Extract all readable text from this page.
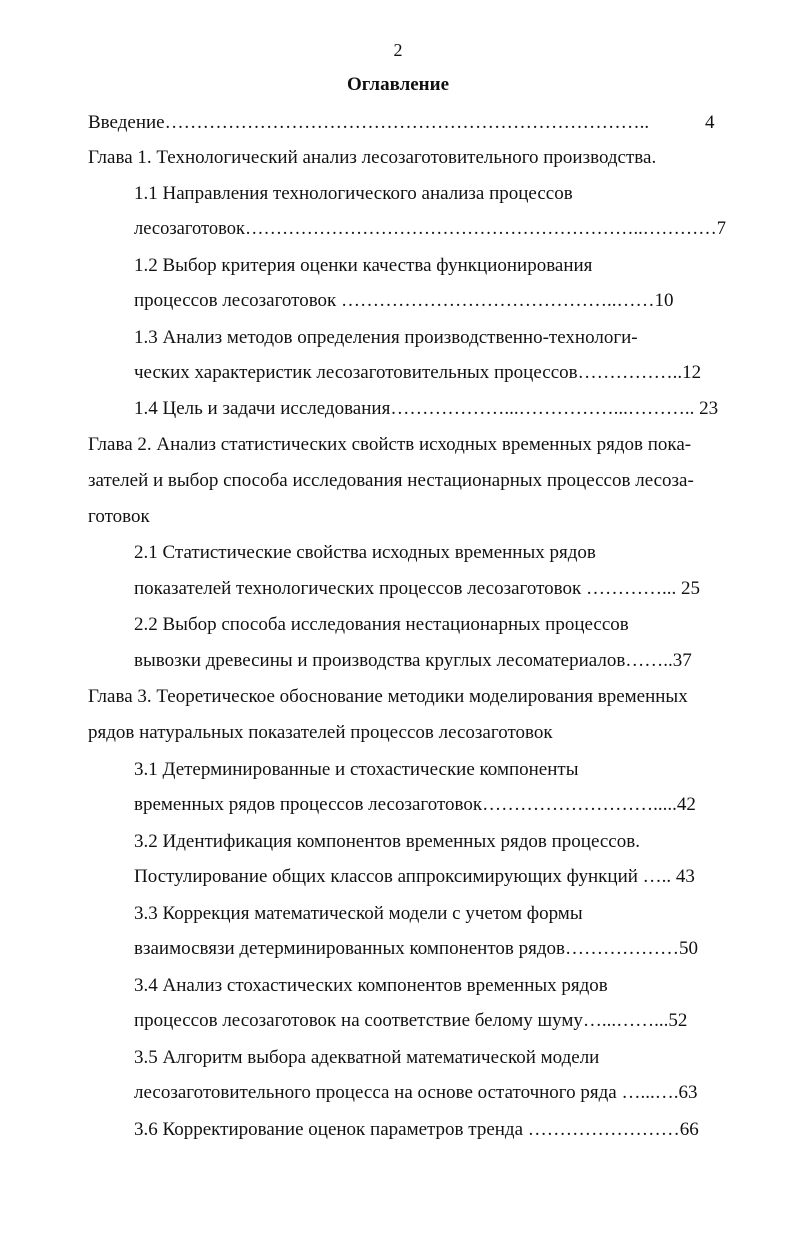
2
Оглавление
Введение…………………………………………………………………..	4
Глава 1. Технологический анализ лесозаготовительного производства.
1.1 Направления технологического анализа процессов
лесозаготовок………………………………………………………..…………7
1.2 Выбор критерия оценки качества функционирования
процессов лесозаготовок ……………………………………..……10
1.3 Анализ методов определения производственно-технологи-
ческих характеристик лесозаготовительных процессов……………..12
1.4 Цель и задачи исследования………………...……………...……….. 23
Глава 2. Анализ статистических свойств исходных временных рядов пока-
зателей и выбор способа исследования нестационарных процессов лесоза-
готовок
2.1 Статистические свойства исходных временных рядов
показателей технологических процессов лесозаготовок …………... 25
2.2 Выбор способа исследования нестационарных процессов
вывозки древесины и производства круглых лесоматериалов……..37
Глава 3. Теоретическое обоснование методики моделирования временных
рядов натуральных показателей процессов лесозаготовок
3.1 Детерминированные и стохастические компоненты
временных рядов процессов лесозаготовок……………………….....42
3.2 Идентификация компонентов временных рядов процессов.
Постулирование общих классов аппроксимирующих функций ….. 43
3.3 Коррекция математической модели с учетом формы
взаимосвязи детерминированных компонентов рядов………………50
3.4 Анализ стохастических компонентов временных рядов
процессов лесозаготовок на соответствие белому шуму…...……...52
3.5 Алгоритм выбора адекватной математической модели
лесозаготовительного процесса на основе остаточного ряда …...….63
3.6 Корректирование оценок параметров тренда ……………………66
